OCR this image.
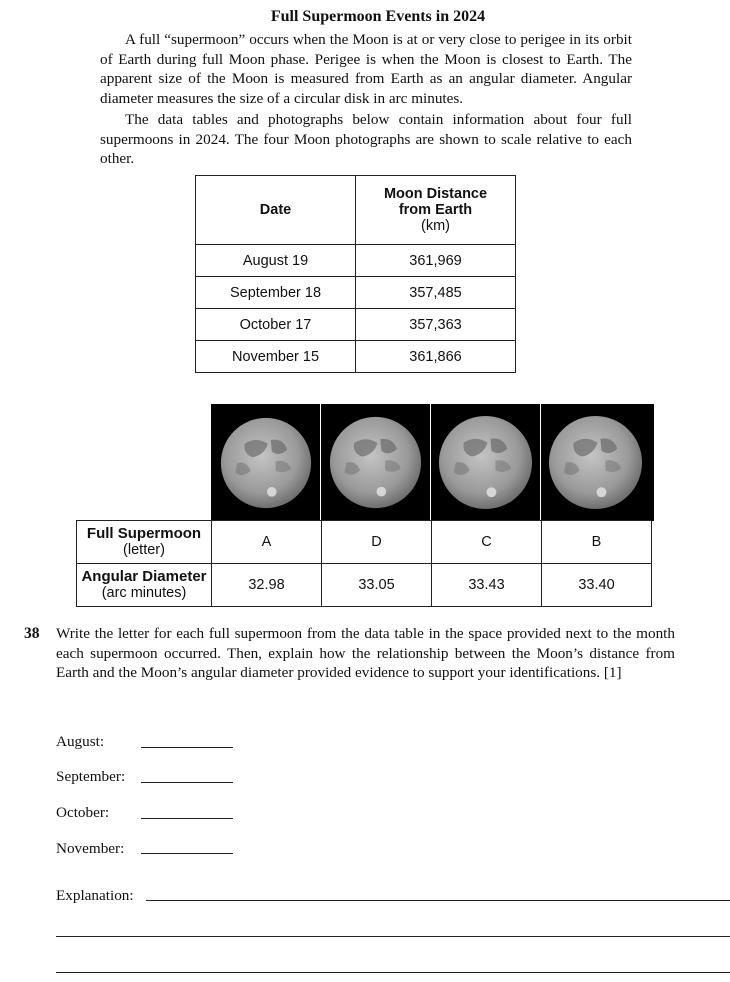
Full Supermoon Events in 2024
A full “supermoon” occurs when the Moon is at or very close to perigee in its orbit of Earth during full Moon phase. Perigee is when the Moon is closest to Earth. The apparent size of the Moon is measured from Earth as an angular diameter. Angular diameter measures the size of a circular disk in arc minutes.
The data tables and photographs below contain information about four full supermoons in 2024. The four Moon photographs are shown to scale relative to each other.
Date	Moon Distance
from Earth
(km)

August 19	361,969
September 18	357,485
October 17	357,363
November 15	361,866
Full Supermoon
(letter)	A	D	C	B
Angular Diameter
(arc minutes)	32.98	33.05	33.43	33.40
38 Write the letter for each full supermoon from the data table in the space provided next to the month each supermoon occurred. Then, explain how the relationship between the Moon’s distance from Earth and the Moon’s angular diameter provided evidence to support your identifications. [1]
August:
September:
October:
November:
Explanation:
